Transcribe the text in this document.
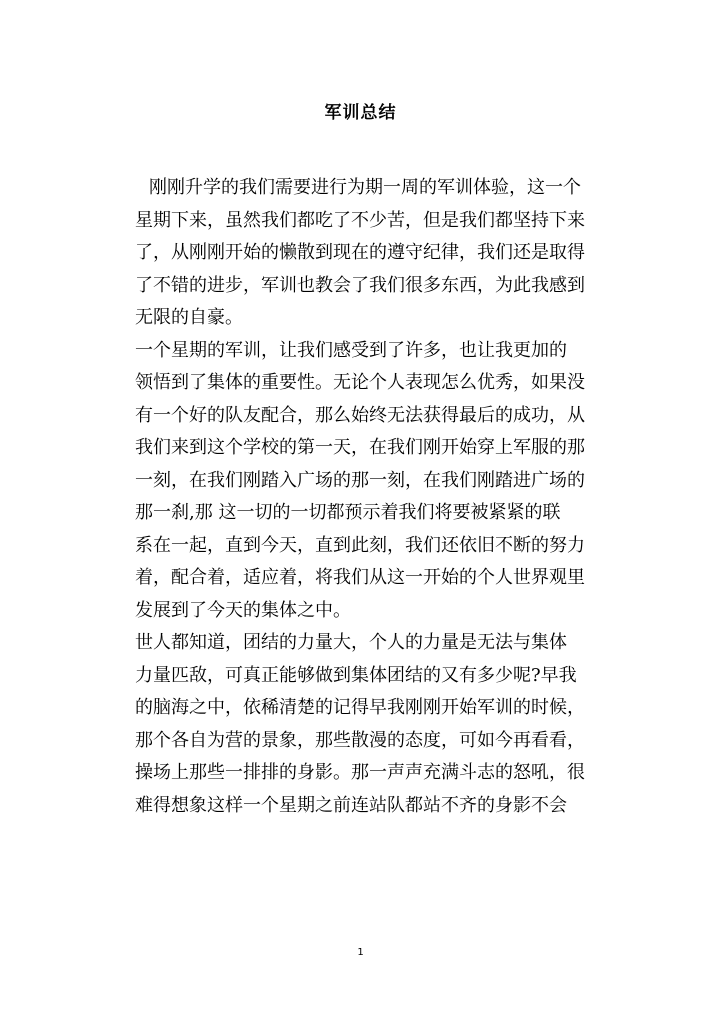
军训总结
刚刚升学的我们需要进行为期一周的军训体验，这一个
星期下来，虽然我们都吃了不少苦，但是我们都坚持下来
了，从刚刚开始的懒散到现在的遵守纪律，我们还是取得
了不错的进步，军训也教会了我们很多东西，为此我感到
无限的自豪。
一个星期的军训，让我们感受到了许多，也让我更加的
领悟到了集体的重要性。无论个人表现怎么优秀，如果没
有一个好的队友配合，那么始终无法获得最后的成功，从
我们来到这个学校的第一天，在我们刚开始穿上军服的那
一刻，在我们刚踏入广场的那一刻，在我们刚踏进广场的
那一刹,那 这一切的一切都预示着我们将要被紧紧的联
系在一起，直到今天，直到此刻，我们还依旧不断的努力
着，配合着，适应着，将我们从这一开始的个人世界观里
发展到了今天的集体之中。
世人都知道，团结的力量大，个人的力量是无法与集体
力量匹敌，可真正能够做到集体团结的又有多少呢?早我
的脑海之中，依稀清楚的记得早我刚刚开始军训的时候，
那个各自为营的景象，那些散漫的态度，可如今再看看，
操场上那些一排排的身影。那一声声充满斗志的怒吼，很
难得想象这样一个星期之前连站队都站不齐的身影不会
1
